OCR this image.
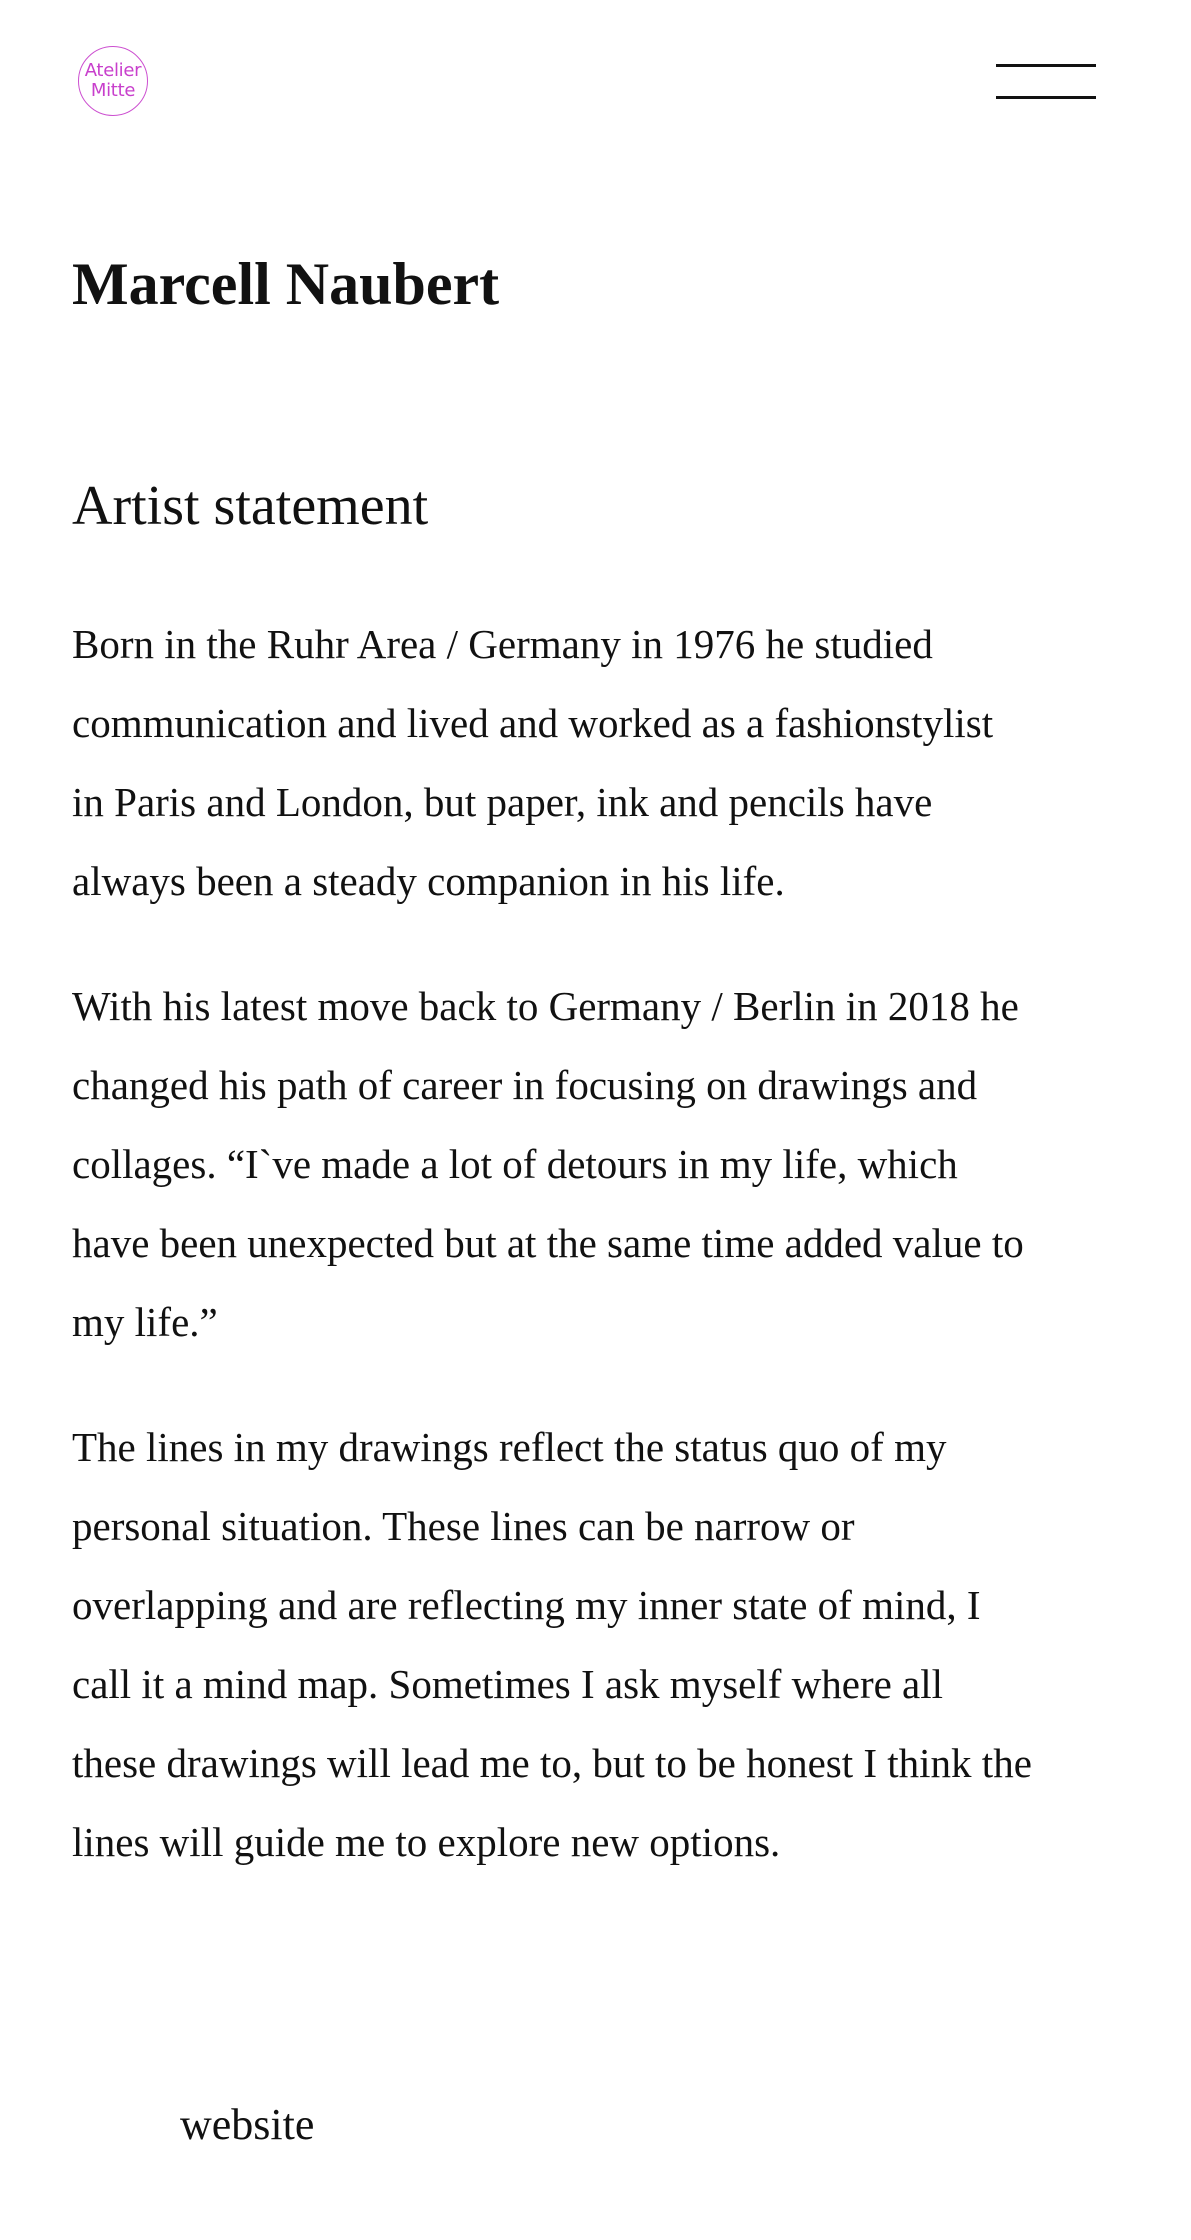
Atelier
Mitte
Marcell Naubert
Artist statement

Born in the Ruhr Area / Germany in 1976 he studied communication and lived and worked as a fashionstylist in Paris and London, but paper, ink and pencils have always been a steady companion in his life.

With his latest move back to Germany / Berlin in 2018 he changed his path of career in focusing on drawings and collages. “I`ve made a lot of detours in my life, which have been unexpected but at the same time added value to my life.”

The lines in my drawings reflect the status quo of my personal situation. These lines can be narrow or overlapping and are reflecting my inner state of mind, I call it a mind map. Sometimes I ask myself where all these drawings will lead me to, but to be honest I think the lines will guide me to explore new options.

website
